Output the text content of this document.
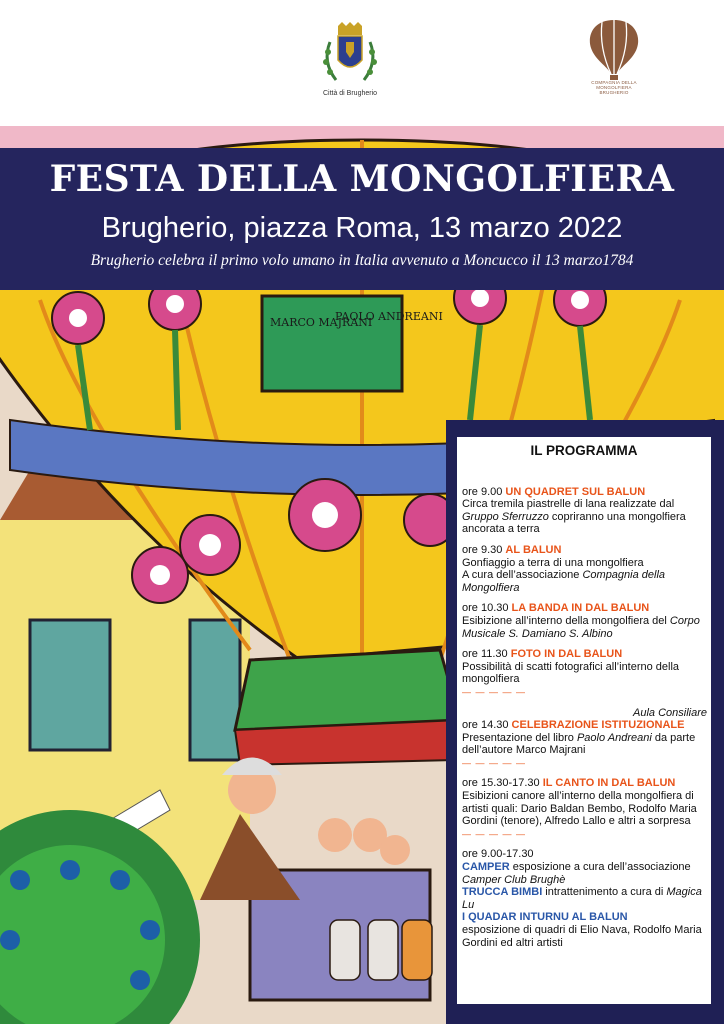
Città di Brugherio
COMPAGNIA DELLA
MONGOLFIERA
BRUGHERIO
MARCO MAJRANI
PAOLO ANDREANI
FESTA DELLA MONGOLFIERA
Brugherio, piazza Roma, 13 marzo 2022
Brugherio celebra il primo volo umano in Italia avvenuto a Moncucco il 13 marzo1784
IL PROGRAMMA
ore 9.00 UN QUADRET SUL BALUN
Circa tremila piastrelle di lana realizzate dal Gruppo Sferruzzo copriranno una mongolfiera ancorata a terra
ore 9.30 AL BALUN
Gonfiaggio a terra di una mongolfiera
A cura dell’associazione Compagnia della Mongolfiera
ore 10.30 LA BANDA IN DAL BALUN
Esibizione all’interno della mongolfiera del Corpo Musicale S. Damiano S. Albino
ore 11.30 FOTO IN DAL BALUN
Possibilità di scatti fotografici all’interno della mongolfiera
— — — — —
Aula Consiliare
ore 14.30 CELEBRAZIONE ISTITUZIONALE
Presentazione del libro Paolo Andreani da parte dell’autore Marco Majrani
— — — — —
ore 15.30-17.30 IL CANTO IN DAL BALUN
Esibizioni canore all’interno della mongolfiera di artisti quali: Dario Baldan Bembo, Rodolfo Maria Gordini (tenore), Alfredo Lallo e altri a sorpresa
— — — — —
ore 9.00-17.30
CAMPER esposizione a cura dell’associazione Camper Club Brughè
TRUCCA BIMBI intrattenimento a cura di Magica Lu
I QUADAR INTURNU AL BALUN
esposizione di quadri di Elio Nava, Rodolfo Maria Gordini ed altri artisti
